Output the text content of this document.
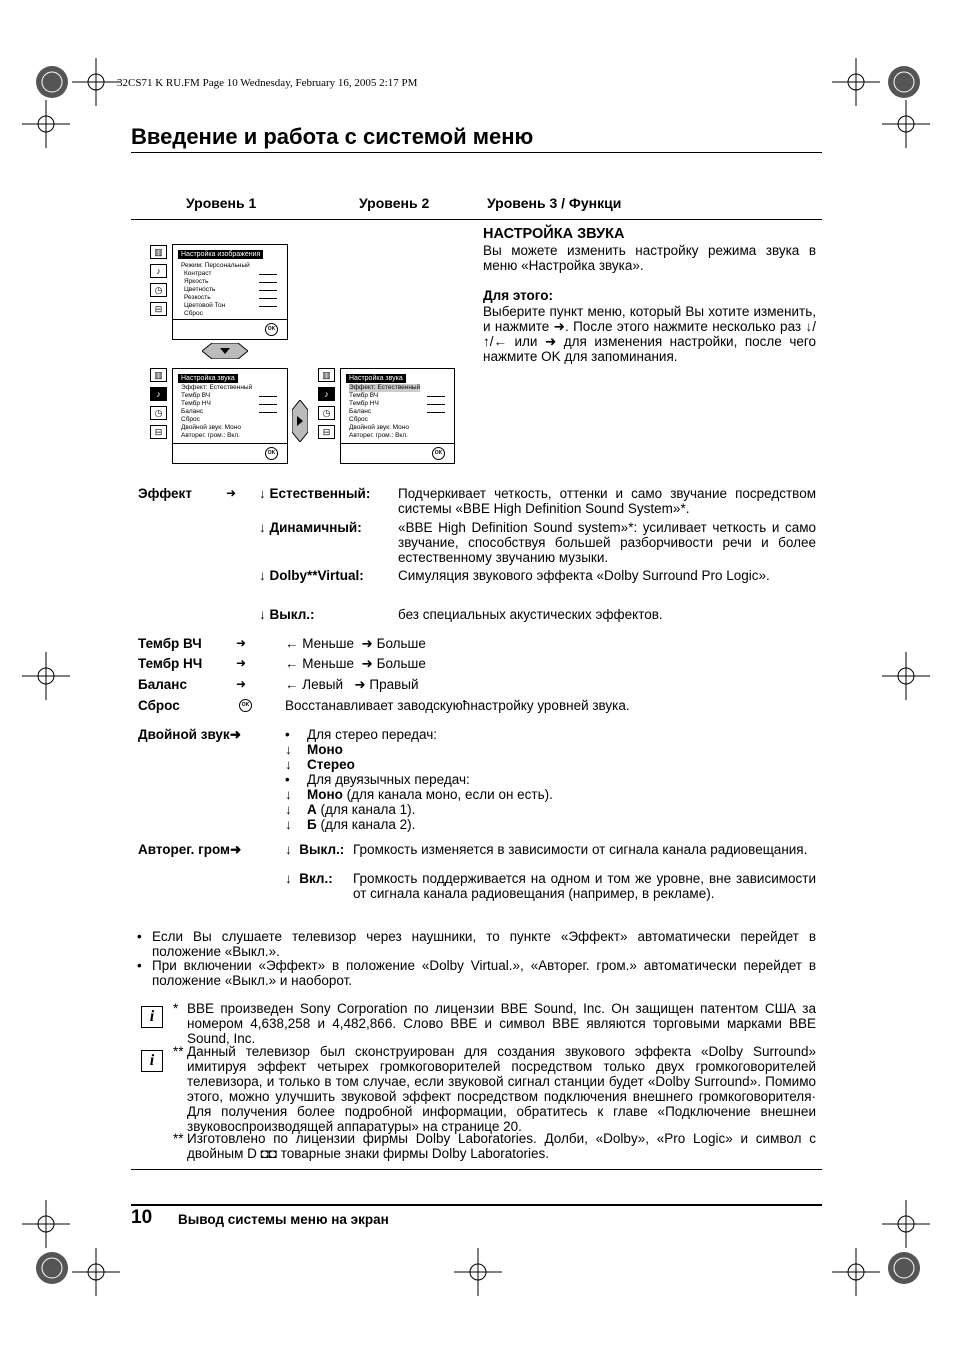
32CS71 K RU.FM Page 10 Wednesday, February 16, 2005 2:17 PM
Введение и работа с системой меню
Уровень 1	Уровень 2	Уровень 3 / Функци
▥
♪
◷
⊟
Настройка изображения
Режим: Персональный
Контраст
Яркость
Цветность
Резкость
Цветовой Тон
Сброс
OK
▥
♪
◷
⊟
Настройка звука
Эффект: Естественный
Тембр ВЧ
Тембр НЧ
Баланс
Сброс
Двойной звук: Моно
Авторег. гром.: Вкл.
OK
▥
♪
◷
⊟
Настройка звука
Эффект: Естественный
Тембр ВЧ
Тембр НЧ
Баланс
Сброс
Двойной звук: Моно
Авторег. гром.: Вкл.
OK
НАСТРОЙКА ЗВУКА
Вы можете изменить настройку режима звука в меню «Настройка звука».
Для этого:
Выберите пункт меню, который Вы хотите изменить, и нажмите ➜. После этого нажмите несколько раз ↓/↑/← или ➜ для изменения настройки, после чего нажмите OK для запоминания.
Эффект	➜ ↓ Естественный: Подчеркивает четкость, оттенки и само звучание посредством системы «BBE High Definition Sound System»*.
↓ Динамичный:	«BBE High Definition Sound system»*: усиливает четкость и само звучание, способствуя большей разборчивости речи и более естественному звучанию музыки.
↓ Dolby**Virtual:	Симуляция звукового эффекта «Dolby Surround Pro Logic».
↓ Выкл.:	без специальных акустических эффектов.
Тембр ВЧ	➜	← Меньше  ➜ Больше
Тембр НЧ	➜	← Меньше  ➜ Больше
Баланс	➜	← Левый   ➜ Правый
Сброс	OK	Восстанавливает заводскуюћнастройку уровней звука.
Двойной звук➜	• Для стерео передач:
↓ Моно
↓ Стерео
• Для двуязычных передач:
↓ Моно (для канала моно, если он есть).
↓ А (для канала 1).
↓ Б (для канала 2).
Авторег. гром➜	↓  Выкл.: Громкость изменяется в зависимости от сигнала канала радиовещания.
↓  Вкл.: Громкость поддерживается на одном и том же уровне, вне зависимости от сигнала канала радиовещания (например, в рекламе).
• Если Вы слушаете телевизор через наушники, то пункте «Эффект» автоматически перейдет в положение «Выкл.».
• При включении «Эффект» в положение «Dolby Virtual.», «Авторег. гром.» автоматически перейдет в положение «Выкл.» и наоборот.
i
i
* BBE произведен Sony Corporation по лицензии BBE Sound, Inc. Он защищен патентом США за номером 4,638,258 и 4,482,866. Слово BBE и символ BBE являются торговыми марками BBE Sound, Inc.
** Данный телевизор был сконструирован для создания звукового эффекта «Dolby Surround» имитируя эффект четырех громкоговорителей посредством только двух громкоговорителей телевизора, и только в том случае, если звуковой сигнал станции будет «Dolby Surround». Помимо этого, можно улучшить звуковой эффект посредством подключения внешнего громкоговорителя· Для получения более подробной информации, обратитесь к главе «Подключение внешнеи звуковоспроизводящей аппаратуры» на странице 20.
** Изготовлено по лицензии фирмы Dolby Laboratories. Долби, «Dolby», «Pro Logic» и символ с двойным D ◘◘ товарные знаки фирмы Dolby Laboratories.
10 Вывод системы меню на экран
